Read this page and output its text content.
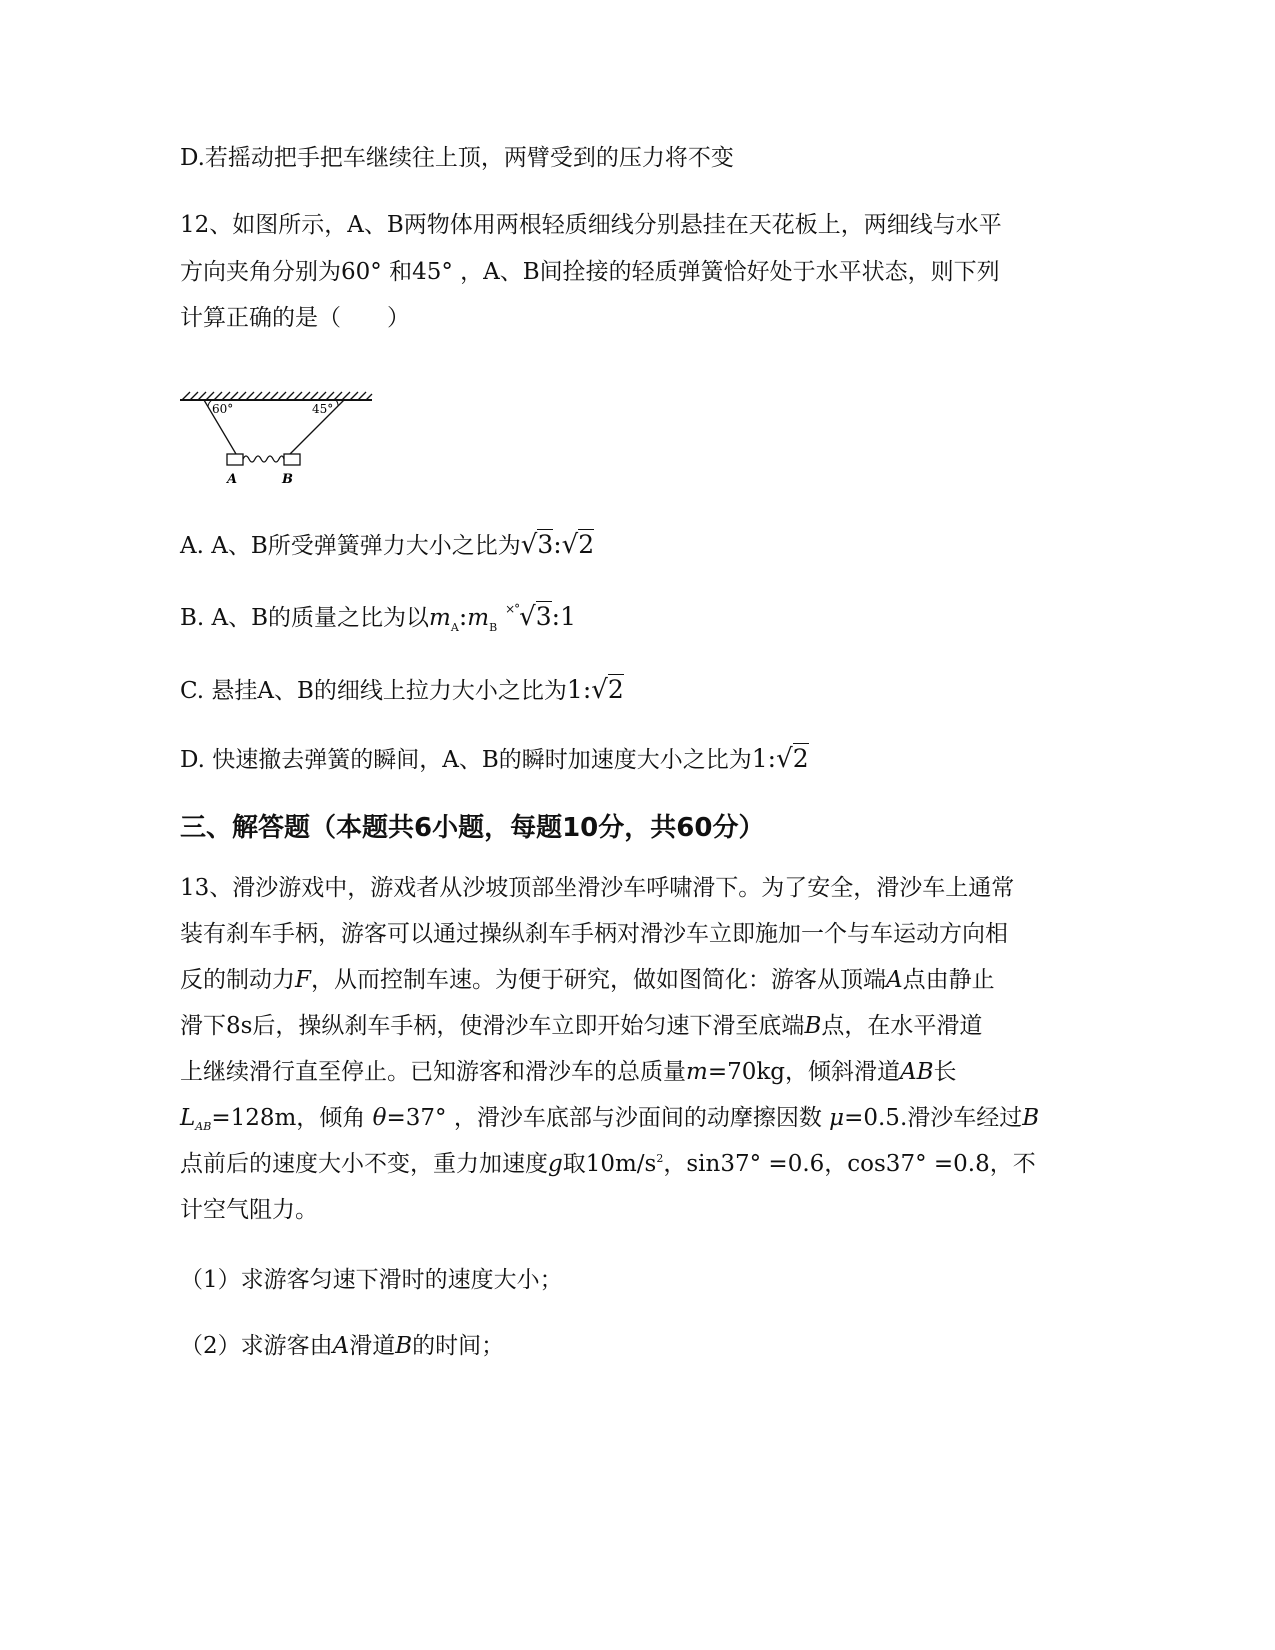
D.若摇动把手把车继续往上顶，两臂受到的压力将不变
12、如图所示，A、B两物体用两根轻质细线分别悬挂在天花板上，两细线与水平
方向夹角分别为60° 和45° ，A、B间拴接的轻质弹簧恰好处于水平状态，则下列
计算正确的是（　　）
60°	45°
A	B
A. A、B所受弹簧弹力大小之比为√3:√2
B. A、B的质量之比为以$m_A:m_B$ ×°√3:1
C. 悬挂A、B的细线上拉力大小之比为1:√2
D. 快速撤去弹簧的瞬间，A、B的瞬时加速度大小之比为1:√2
三、解答题（本题共6小题，每题10分，共60分）
13、滑沙游戏中，游戏者从沙坡顶部坐滑沙车呼啸滑下。为了安全，滑沙车上通常
装有刹车手柄，游客可以通过操纵刹车手柄对滑沙车立即施加一个与车运动方向相
反的制动力F，从而控制车速。为便于研究，做如图简化：游客从顶端A点由静止
滑下8s后，操纵刹车手柄，使滑沙车立即开始匀速下滑至底端B点，在水平滑道
上继续滑行直至停止。已知游客和滑沙车的总质量m=70kg，倾斜滑道AB长
$L_{AB}=128m$，倾角 θ=37° ，滑沙车底部与沙面间的动摩擦因数 μ=0.5.滑沙车经过B
点前后的速度大小不变，重力加速度g取$10m/s^2$，sin37° =0.6，cos37° =0.8，不
计空气阻力。
（1）求游客匀速下滑时的速度大小；
（2）求游客由A滑道B的时间；
